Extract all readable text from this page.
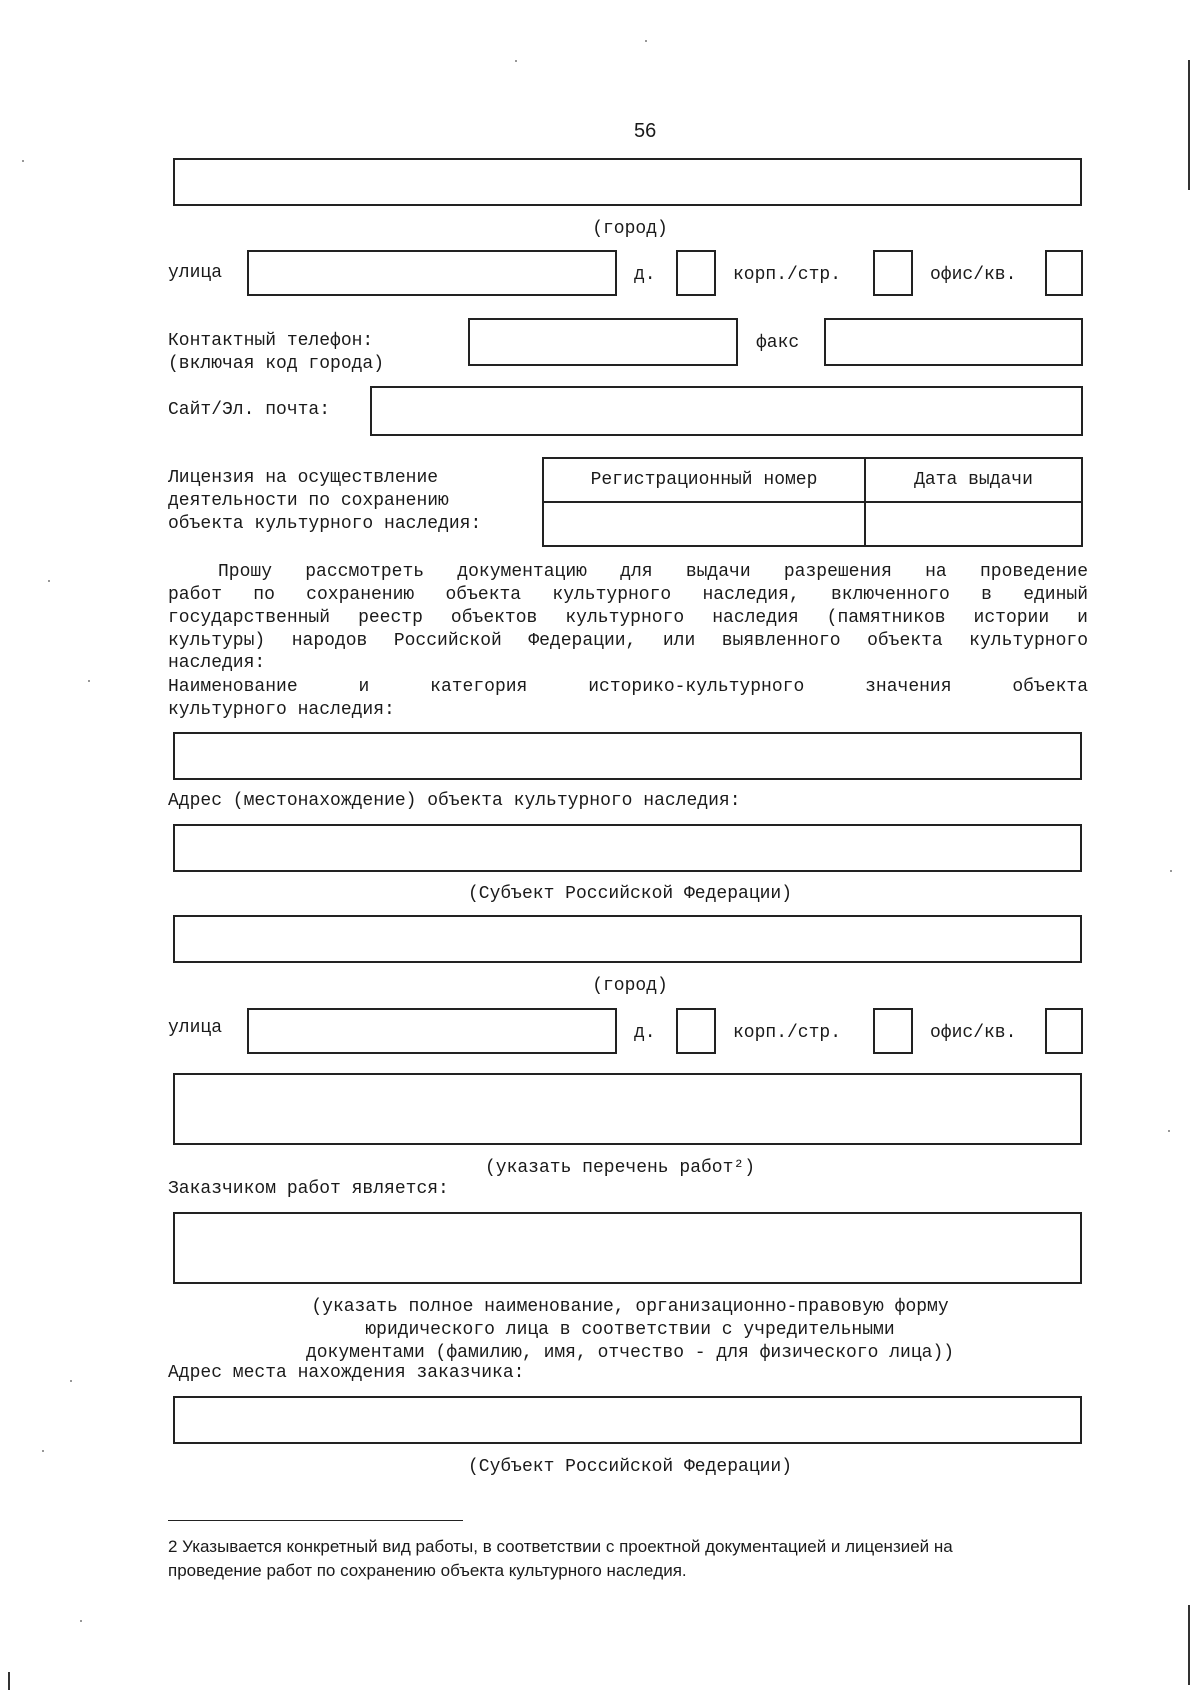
56
(город)
улица	д.	корп./стр.	офис/кв.
Контактный телефон:
(включая код города)
факс
Сайт/Эл. почта:
Лицензия на осуществление
деятельности по сохранению
объекта культурного наследия:
Регистрационный номер	Дата выдачи

Прошу рассмотреть документацию для выдачи разрешения на проведение
работ по сохранению объекта культурного наследия, включенного в единый
государственный реестр объектов культурного наследия (памятников истории и
культуры) народов Российской Федерации, или выявленного объекта культурного
наследия:
Наименование и категория историко-культурного значения объекта
культурного наследия:
Адрес (местонахождение) объекта культурного наследия:
(Субъект Российской Федерации)
(город)
улица	д.	корп./стр.	офис/кв.
(указать перечень работ²)
Заказчиком работ является:
(указать полное наименование, организационно-правовую форму
юридического лица в соответствии с учредительными
документами (фамилию, имя, отчество - для физического лица))
Адрес места нахождения заказчика:
(Субъект Российской Федерации)
2 Указывается конкретный вид работы, в соответствии с проектной документацией и лицензией на
проведение работ по сохранению объекта культурного наслeдия.
